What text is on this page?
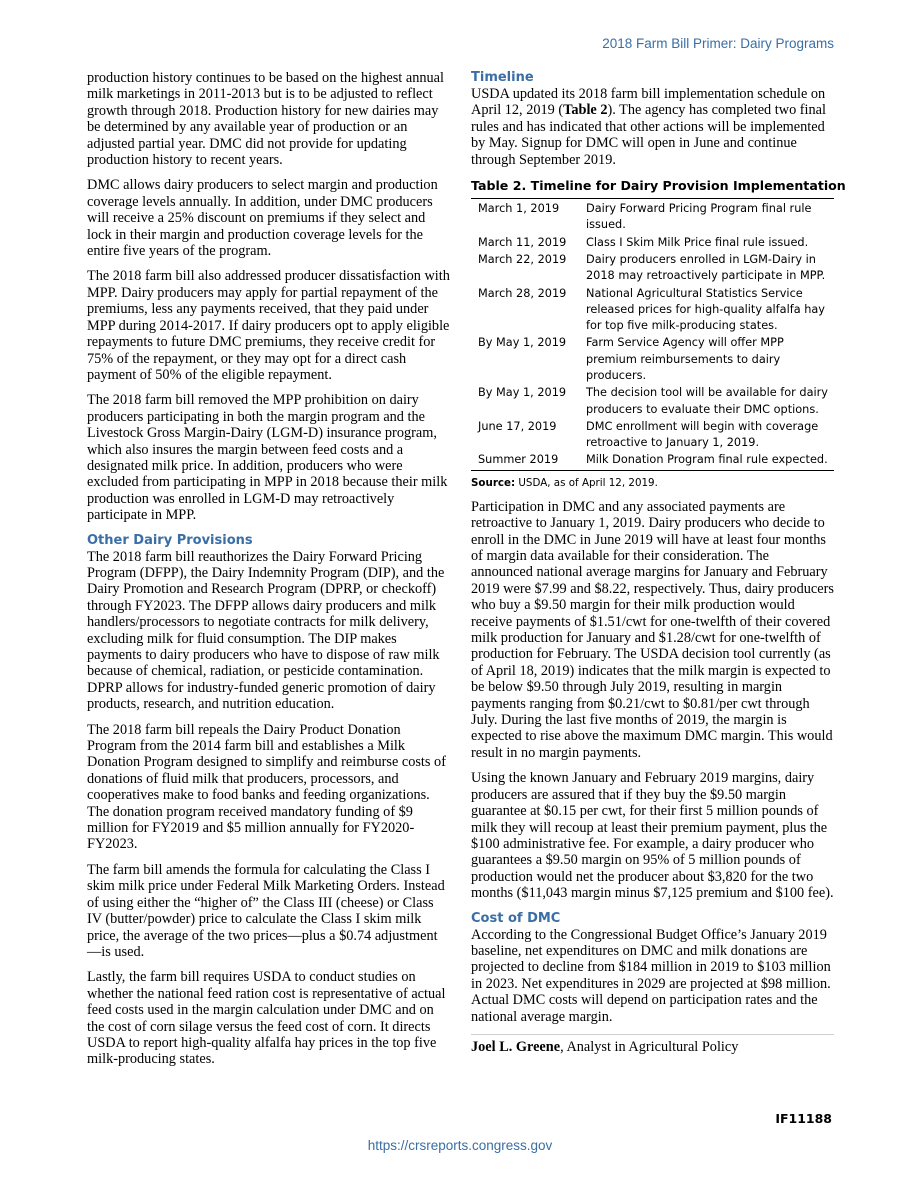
2018 Farm Bill Primer: Dairy Programs

production history continues to be based on the highest annual milk marketings in 2011-2013 but is to be adjusted to reflect growth through 2018. Production history for new dairies may be determined by any available year of production or an adjusted partial year. DMC did not provide for updating production history to recent years.

DMC allows dairy producers to select margin and production coverage levels annually. In addition, under DMC producers will receive a 25% discount on premiums if they select and lock in their margin and production coverage levels for the entire five years of the program.

The 2018 farm bill also addressed producer dissatisfaction with MPP. Dairy producers may apply for partial repayment of the premiums, less any payments received, that they paid under MPP during 2014-2017. If dairy producers opt to apply eligible repayments to future DMC premiums, they receive credit for 75% of the repayment, or they may opt for a direct cash payment of 50% of the eligible repayment.

The 2018 farm bill removed the MPP prohibition on dairy producers participating in both the margin program and the Livestock Gross Margin-Dairy (LGM-D) insurance program, which also insures the margin between feed costs and a designated milk price. In addition, producers who were excluded from participating in MPP in 2018 because their milk production was enrolled in LGM-D may retroactively participate in MPP.

Other Dairy Provisions

The 2018 farm bill reauthorizes the Dairy Forward Pricing Program (DFPP), the Dairy Indemnity Program (DIP), and the Dairy Promotion and Research Program (DPRP, or checkoff) through FY2023. The DFPP allows dairy producers and milk handlers/processors to negotiate contracts for milk delivery, excluding milk for fluid consumption. The DIP makes payments to dairy producers who have to dispose of raw milk because of chemical, radiation, or pesticide contamination. DPRP allows for industry-funded generic promotion of dairy products, research, and nutrition education.

The 2018 farm bill repeals the Dairy Product Donation Program from the 2014 farm bill and establishes a Milk Donation Program designed to simplify and reimburse costs of donations of fluid milk that producers, processors, and cooperatives make to food banks and feeding organizations. The donation program received mandatory funding of $9 million for FY2019 and $5 million annually for FY2020-FY2023.

The farm bill amends the formula for calculating the Class I skim milk price under Federal Milk Marketing Orders. Instead of using either the “higher of” the Class III (cheese) or Class IV (butter/powder) price to calculate the Class I skim milk price, the average of the two prices—plus a $0.74 adjustment—is used.

Lastly, the farm bill requires USDA to conduct studies on whether the national feed ration cost is representative of actual feed costs used in the margin calculation under DMC and on the cost of corn silage versus the feed cost of corn. It directs USDA to report high-quality alfalfa hay prices in the top five milk-producing states.

Timeline

USDA updated its 2018 farm bill implementation schedule on April 12, 2019 (Table 2). The agency has completed two final rules and has indicated that other actions will be implemented by May. Signup for DMC will open in June and continue through September 2019.

Table 2. Timeline for Dairy Provision Implementation
March 1, 2019	Dairy Forward Pricing Program final rule issued.
March 11, 2019	Class I Skim Milk Price final rule issued.
March 22, 2019	Dairy producers enrolled in LGM-Dairy in 2018 may retroactively participate in MPP.
March 28, 2019	National Agricultural Statistics Service released prices for high-quality alfalfa hay for top five milk-producing states.
By May 1, 2019	Farm Service Agency will offer MPP premium reimbursements to dairy producers.
By May 1, 2019	The decision tool will be available for dairy producers to evaluate their DMC options.
June 17, 2019	DMC enrollment will begin with coverage retroactive to January 1, 2019.
Summer 2019	Milk Donation Program final rule expected.
Source: USDA, as of April 12, 2019.

Participation in DMC and any associated payments are retroactive to January 1, 2019. Dairy producers who decide to enroll in the DMC in June 2019 will have at least four months of margin data available for their consideration. The announced national average margins for January and February 2019 were $7.99 and $8.22, respectively. Thus, dairy producers who buy a $9.50 margin for their milk production would receive payments of $1.51/cwt for one-twelfth of their covered milk production for January and $1.28/cwt for one-twelfth of production for February. The USDA decision tool currently (as of April 18, 2019) indicates that the milk margin is expected to be below $9.50 through July 2019, resulting in margin payments ranging from $0.21/cwt to $0.81/per cwt through July. During the last five months of 2019, the margin is expected to rise above the maximum DMC margin. This would result in no margin payments.

Using the known January and February 2019 margins, dairy producers are assured that if they buy the $9.50 margin guarantee at $0.15 per cwt, for their first 5 million pounds of milk they will recoup at least their premium payment, plus the $100 administrative fee. For example, a dairy producer who guarantees a $9.50 margin on 95% of 5 million pounds of production would net the producer about $3,820 for the two months ($11,043 margin minus $7,125 premium and $100 fee).

Cost of DMC

According to the Congressional Budget Office’s January 2019 baseline, net expenditures on DMC and milk donations are projected to decline from $184 million in 2019 to $103 million in 2023. Net expenditures in 2029 are projected at $98 million. Actual DMC costs will depend on participation rates and the national average margin.

Joel L. Greene, Analyst in Agricultural Policy

IF11188
https://crsreports.congress.gov
